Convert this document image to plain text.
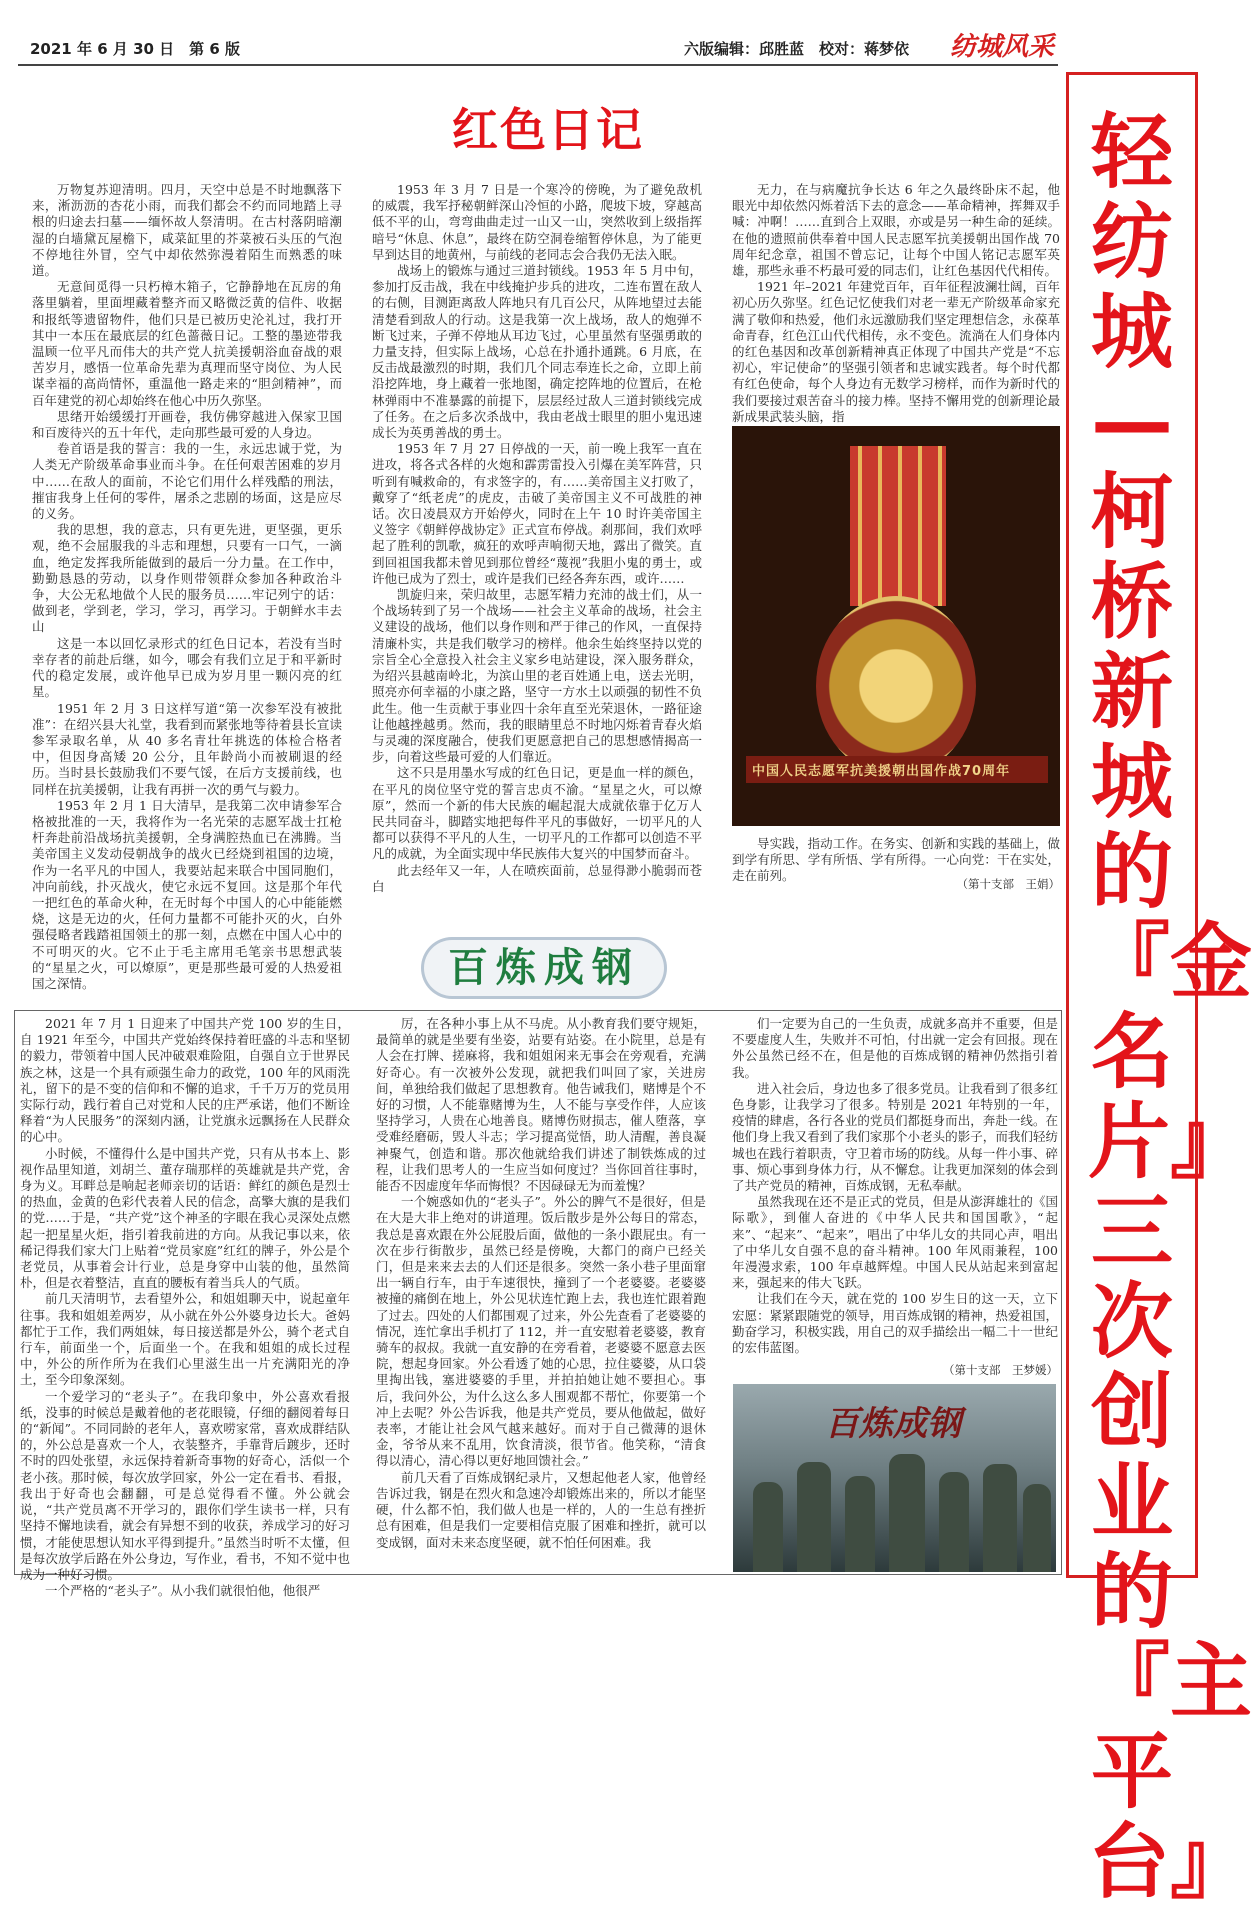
2021 年 6 月 30 日　第 6 版	六版编辑：邱胜蓝　校对：蒋梦依 纺城风采
轻纺城—柯桥新城的『金名片』三次创业的『主平台』
红色日记

万物复苏迎清明。四月，天空中总是不时地飘落下来，淅沥沥的杏花小雨，而我们都会不约而同地踏上寻根的归途去扫墓——缅怀故人祭清明。在古村落阴暗潮湿的白墙黛瓦屋檐下，咸菜缸里的芥菜被石头压的气泡不停地往外冒，空气中却依然弥漫着陌生而熟悉的味道。

无意间觅得一只朽樟木箱子，它静静地在瓦房的角落里躺着，里面埋藏着整齐而又略微泛黄的信件、收据和报纸等遗留物件，他们只是已被历史沦礼过，我打开其中一本压在最底层的红色蔷薇日记。工整的墨迹带我温顾一位平凡而伟大的共产党人抗美援朝浴血奋战的艰苦岁月，感悟一位革命先辈为真理而坚守岗位、为人民谋幸福的高尚情怀，重温他一路走来的“胆剑精神”，而百年建党的初心却始终在他心中历久弥坚。

思绪开始缓缓打开画卷，我仿佛穿越进入保家卫国和百废待兴的五十年代，走向那些最可爱的人身边。

卷首语是我的誓言：我的一生，永远忠诚于党，为人类无产阶级革命事业而斗争。在任何艰苦困难的岁月中……在敌人的面前，不论它们用什么样残酷的刑法，摧宙我身上任何的零件，屠杀之悲剧的场面，这是应尽的义务。

我的思想，我的意志，只有更先进，更坚强，更乐观，绝不会屈服我的斗志和理想，只要有一口气，一滴血，绝定发挥我所能做到的最后一分力量。在工作中，勤勤恳恳的劳动，以身作则带领群众参加各种政治斗争，大公无私地做个人民的服务员……牢记列宁的话：做到老，学到老，学习，学习，再学习。于朝鲜水丰去山

这是一本以回忆录形式的红色日记本，若没有当时幸存者的前赴后继，如今，哪会有我们立足于和平新时代的稳定发展，或许他早已成为岁月里一颗闪亮的红星。

1951 年 2 月 3 日这样写道“第一次参军没有被批准”：在绍兴县大礼堂，我看到而紧张地等待着县长宣读参军录取名单，从 40 多名青壮年挑选的体检合格者中，但因身高矮 20 公分，且年龄尚小而被刷退的经历。当时县长鼓励我们不要气馁，在后方支援前线，也同样在抗美援朝，让我有再拼一次的勇气与毅力。

1953 年 2 月 1 日大清早，是我第二次申请参军合格被批准的一天，我将作为一名光荣的志愿军战士扛枪杆奔赴前沿战场抗美援朝，全身满腔热血已在沸腾。当美帝国主义发动侵朝战争的战火已经烧到祖国的边境，作为一名平凡的中国人，我要站起来联合中国同胞们，冲向前线，扑灭战火，使它永远不复回。这是那个年代一把红色的革命火种，在无时每个中国人的心中能能燃烧，这是无边的火，任何力量都不可能扑灭的火，白外强侵略者践踏祖国领土的那一刻，点燃在中国人心中的不可明灭的火。它不止于毛主席用毛笔亲书思想武装的“星星之火，可以燎原”，更是那些最可爱的人热爱祖国之深情。

1953 年 3 月 7 日是一个寒冷的傍晚，为了避免敌机的威震，我军抒秘朝鲜深山冷恒的小路，爬坡下坡，穿越高低不平的山，弯弯曲曲走过一山又一山，突然收到上级指挥暗号“休息、休息”，最终在防空洞卷缩暂停休息，为了能更早到达目的地黄州，与前线的老同志会合我仍无法入眠。

战场上的锻炼与通过三道封锁线。1953 年 5 月中旬，参加打反击战，我在中线掩护步兵的进攻，二连布置在敌人的右侧，目测距离敌人阵地只有几百公尺，从阵地望过去能清楚看到敌人的行动。这是我第一次上战场，敌人的炮弹不断飞过来，子弹不停地从耳边飞过，心里虽然有坚强勇敢的力量支持，但实际上战场，心总在扑通扑通跳。6 月底，在反击战最激烈的时期，我们几个同志奉连长之命，立即上前沿挖阵地，身上藏着一张地图，确定挖阵地的位置后，在枪林弹雨中不准暴露的前提下，层层经过敌人三道封锁线完成了任务。在之后多次杀战中，我由老战士眼里的胆小鬼迅速成长为英勇善战的勇士。

1953 年 7 月 27 日停战的一天，前一晚上我军一直在进攻，将各式各样的火炮和霹雳雷投入引爆在美军阵营，只听到有喊救命的，有求签字的，有……美帝国主义打败了，戴穿了“纸老虎”的虎皮，击破了美帝国主义不可战胜的神话。次日凌晨双方开始停火，同时在上午 10 时许美帝国主义签字《朝鲜停战协定》正式宣布停战。刹那间，我们欢呼起了胜利的凯歌，疯狂的欢呼声响彻天地，露出了微笑。直到回祖国我都未曾见到那位曾经“蔑视”我胆小鬼的勇士，或许他已成为了烈士，或许是我们已经各奔东西，或许……

凯旋归来，荣归故里，志愿军精力充沛的战士们，从一个战场转到了另一个战场——社会主义革命的战场，社会主义建设的战场，他们以身作则和严于律己的作风，一直保持清廉朴实，共是我们敬学习的榜样。他余生始终坚持以党的宗旨全心全意投入社会主义家乡电站建设，深入服务群众，为绍兴县越南岭北，为滨山里的老百姓通上电，送去光明，照亮亦何幸福的小康之路，坚守一方水土以顽强的韧性不负此生。他一生贡献于事业四十余年直至光荣退休，一路征途让他越挫越勇。然而，我的眼睛里总不时地闪烁着青春火焰与灵魂的深度融合，使我们更愿意把自己的思想感情揭高一步，向着这些最可爱的人们靠近。

这不只是用墨水写成的红色日记，更是血一样的颜色，在平凡的岗位坚守党的誓言忠贞不渝。“星星之火，可以燎原”，然而一个新的伟大民族的崛起混大成就依靠于亿万人民共同奋斗，脚踏实地把每件平凡的事做好，一切平凡的人都可以获得不平凡的人生，一切平凡的工作都可以创造不平凡的成就，为全面实现中华民族伟大复兴的中国梦而奋斗。

此去经年又一年，人在喷疾面前，总显得渺小脆弱而苍白

无力，在与病魔抗争长达 6 年之久最终卧床不起，他眼光中却依然闪烁着活下去的意念——革命精神，挥舞双手喊：冲啊！……直到合上双眼，亦或是另一种生命的延续。在他的遗照前供奉着中国人民志愿军抗美援朝出国作战 70 周年纪念章，祖国不曾忘记，让每个中国人铭记志愿军英雄，那些永垂不朽最可爱的同志们，让红色基因代代相传。

1921 年–2021 年建党百年，百年征程波澜壮阔，百年初心历久弥坚。红色记忆使我们对老一辈无产阶级革命家充满了敬仰和热爱，他们永远激励我们坚定理想信念，永葆革命青春，红色江山代代相传，永不变色。流淌在人们身体内的红色基因和改革创新精神真正体现了中国共产党是“不忘初心，牢记使命”的坚强引领者和忠诚实践者。每个时代都有红色使命，每个人身边有无数学习榜样，而作为新时代的我们要接过艰苦奋斗的接力棒。坚持不懈用党的创新理论最新成果武装头脑，指

中国人民志愿军抗美援朝出国作战70周年

导实践，指动工作。在务实、创新和实践的基础上，做到学有所思、学有所悟、学有所得。一心向党：干在实处，走在前列。

（第十支部　王娟）

百炼成钢

2021 年 7 月 1 日迎来了中国共产党 100 岁的生日，自 1921 年至今，中国共产党始终保持着旺盛的斗志和坚韧的毅力，带领着中国人民冲破艰难险阻，自强自立于世界民族之林，这是一个具有顽强生命力的政党，100 年的风雨洗礼，留下的是不变的信仰和不懈的追求，千千万万的党员用实际行动，践行着自己对党和人民的庄严承诺，他们不断诠释着“为人民服务”的深刻内涵，让党旗永远飘扬在人民群众的心中。

小时候，不懂得什么是中国共产党，只有从书本上、影视作品里知道，刘胡兰、董存瑞那样的英雄就是共产党，舍身为义。耳畔总是响起老师亲切的话语：鲜红的颜色是烈士的热血，金黄的色彩代表着人民的信念，高擎大旗的是我们的党……于是，“共产党”这个神圣的字眼在我心灵深处点燃起一把星星火炬，指引着我前进的方向。从我记事以来，依稀记得我们家大门上贴着“党员家庭”红红的牌子，外公是个老党员，从事着会计行业，总是身穿中山装的他，虽然简朴，但是衣着整洁，直直的腰板有着当兵人的气质。

前几天清明节，去看望外公，和姐姐聊天中，说起童年往事。我和姐姐差两岁，从小就在外公外婆身边长大。爸妈都忙于工作，我们两姐妹，每日接送都是外公，骑个老式自行车，前面坐一个，后面坐一个。在我和姐姐的成长过程中，外公的所作所为在我们心里滋生出一片充满阳光的净土，至今印象深刻。

一个爱学习的“老头子”。在我印象中，外公喜欢看报纸，没事的时候总是戴着他的老花眼镜，仔细的翻阅着每日的“新闻”。不同同龄的老年人，喜欢唠家常，喜欢成群结队的，外公总是喜欢一个人，衣装整齐，手靠背后踱步，还时不时的四处张望，永远保持着新奇事物的好奇心，活似一个老小孩。那时候，每次放学回家，外公一定在看书、看报，我出于好奇也会翻翻，可是总觉得看不懂。外公就会说，“共产党员离不开学习的，跟你们学生读书一样，只有坚持不懈地读看，就会有异想不到的收获，养成学习的好习惯，才能使思想认知水平得到提升。”虽然当时听不太懂，但是每次放学后路在外公身边，写作业，看书，不知不觉中也成为一种好习惯。

一个严格的“老头子”。从小我们就很怕他，他很严

厉，在各种小事上从不马虎。从小教育我们要守规矩，最简单的就是坐要有坐姿，站要有站姿。在小院里，总是有人会在打牌、搓麻将，我和姐姐闲来无事会在旁观看，充满好奇心。有一次被外公发现，就把我们叫回了家，关进房间，单独给我们做起了思想教育。他告诫我们，赌博是个不好的习惯，人不能靠赌博为生，人不能与享受作伴，人应该坚持学习，人贵在心地善良。赌博伤财损志，催人堕落，享受难经磨砺，毁人斗志；学习提高觉悟，助人清醒，善良凝神聚气，创造和谐。那次他就给我们讲述了制铁炼成的过程，让我们思考人的一生应当如何度过？当你回首往事时，能否不因虚度年华而悔恨？不因碌碌无为而羞愧？

一个婉惑如仇的“老头子”。外公的脾气不是很好，但是在大是大非上绝对的讲道理。饭后散步是外公每日的常态，我总是喜欢跟在外公屁股后面，做他的一条小跟屁虫。有一次在步行街散步，虽然已经是傍晚，大都门的商户已经关门，但是来来去去的人们还是很多。突然一条小巷子里面窜出一辆自行车，由于车速很快，撞到了一个老婆婆。老婆婆被撞的痛倒在地上，外公见状连忙跑上去，我也连忙跟着跑了过去。四处的人们都围观了过来，外公先查看了老婆婆的情况，连忙拿出手机打了 112，并一直安慰着老婆婆，教育骑车的叔叔。我就一直安静的在旁看着，老婆婆不愿意去医院，想起身回家。外公看透了她的心思，拉住婆婆，从口袋里掏出钱，塞进婆婆的手里，并拍拍她让她不要担心。事后，我问外公，为什么这么多人围观都不帮忙，你要第一个冲上去呢？外公告诉我，他是共产党员，要从他做起，做好表率，才能让社会风气越来越好。而对于自己微薄的退休金，爷爷从来不乱用，饮食清淡，很节省。他笑称，“清食得以清心，清心得以更好地回馈社会。”

前几天看了百炼成钢纪录片，又想起他老人家，他曾经告诉过我，钢是在烈火和急速冷却锻炼出来的，所以才能坚硬，什么都不怕，我们做人也是一样的，人的一生总有挫折总有困难，但是我们一定要相信克服了困难和挫折，就可以变成钢，面对未来态度坚硬，就不怕任何困难。我

们一定要为自己的一生负责，成就多高并不重要，但是不要虚度人生，失败并不可怕，付出就一定会有回报。现在外公虽然已经不在，但是他的百炼成钢的精神仍然指引着我。

进入社会后，身边也多了很多党员。让我看到了很多红色身影，让我学习了很多。特别是 2021 年特别的一年，疫情的肆虐，各行各业的党员们都挺身而出，奔赴一线。在他们身上我又看到了我们家那个小老头的影子，而我们轻纺城也在践行着职责，守卫着市场的防线。从每一件小事、碎事、烦心事到身体力行，从不懈怠。让我更加深刻的体会到了共产党员的精神，百炼成钢，无私奉献。

虽然我现在还不是正式的党员，但是从澎湃雄壮的《国际歌》，到催人奋进的《中华人民共和国国歌》，“起来”、“起来”、“起来”，唱出了中华儿女的共同心声，唱出了中华儿女自强不息的奋斗精神。100 年风雨兼程，100 年漫漫求索，100 年卓越辉煌。中国人民从站起来到富起来，强起来的伟大飞跃。

让我们在今天，就在党的 100 岁生日的这一天，立下宏愿：紧紧跟随党的领导，用百炼成钢的精神，热爱祖国，勤奋学习，积极实践，用自己的双手描绘出一幅二十一世纪的宏伟蓝图。

（第十支部　王梦媛）

百炼成钢
